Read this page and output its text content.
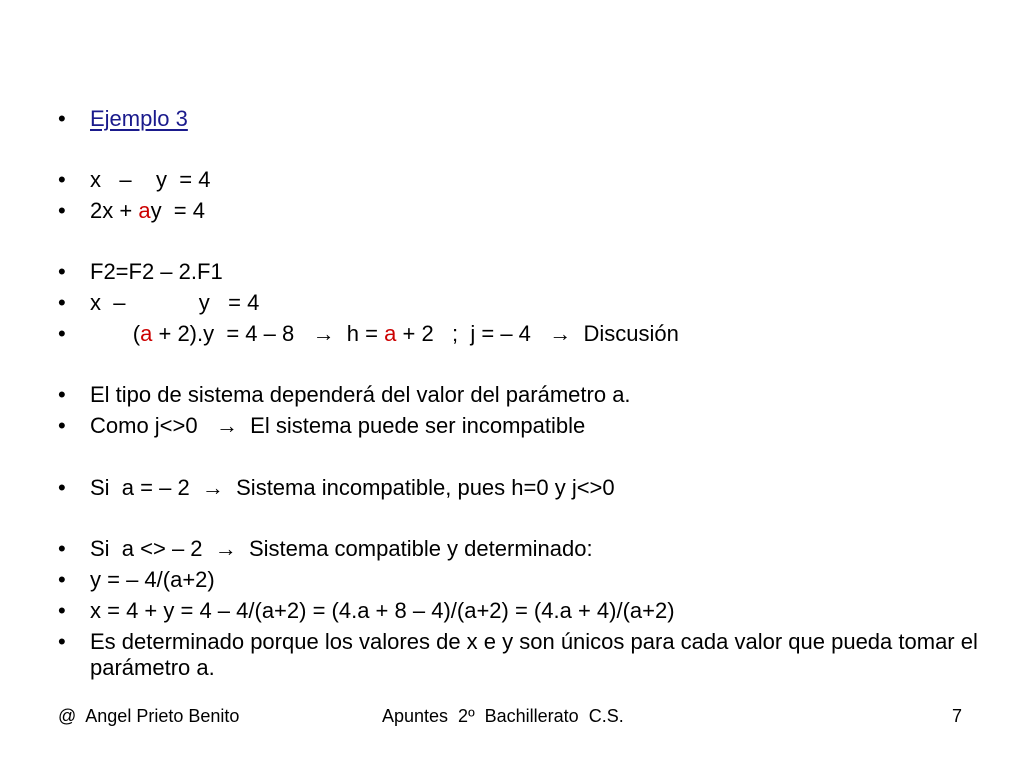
•

Ejemplo 3

•

x   –    y  = 4

•

2x + ay  = 4

•

F2=F2 – 2.F1

•

x  –            y   = 4

•

(a + 2).y  = 4 – 8   →  h = a + 2   ;  j = – 4   →  Discusión

•

El tipo de sistema dependerá del valor del parámetro a.

•

Como j<>0   →  El sistema puede ser incompatible

•

Si  a = – 2  →  Sistema incompatible, pues h=0 y j<>0

•

Si  a <> – 2  →  Sistema compatible y determinado:

•

y = – 4/(a+2)

•

x = 4 + y = 4 – 4/(a+2) = (4.a + 8 – 4)/(a+2) = (4.a + 4)/(a+2)

• Es determinado porque los valores de x e y son únicos para cada valor que pueda tomar el parámetro a.
@  Angel Prieto Benito	Apuntes  2º  Bachillerato  C.S.	7
